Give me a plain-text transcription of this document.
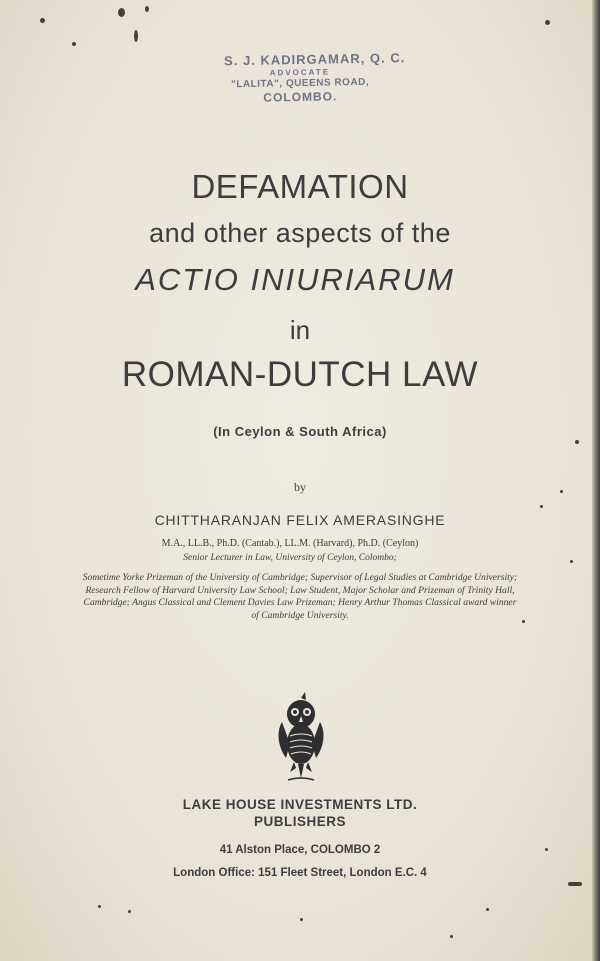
S. J. KADIRGAMAR, Q. C.
ADVOCATE
"LALITA", QUEENS ROAD,
COLOMBO.
DEFAMATION
and other aspects of the
ACTIO INIURIARUM
in
ROMAN-DUTCH LAW
(In Ceylon & South Africa)
by
CHITTHARANJAN FELIX AMERASINGHE
M.A., LL.B., Ph.D. (Cantab.), LL.M. (Harvard), Ph.D. (Ceylon)
Senior Lecturer in Law, University of Ceylon, Colombo;
Sometime Yorke Prizeman of the University of Cambridge; Supervisor of Legal Studies at Cambridge University; Research Fellow of Harvard University Law School; Law Student, Major Scholar and Prizeman of Trinity Hall, Cambridge; Angus Classical and Clement Davies Law Prizeman; Henry Arthur Thomas Classical award winner of Cambridge University.
LAKE HOUSE INVESTMENTS LTD.
PUBLISHERS
41 Alston Place, COLOMBO 2
London Office: 151 Fleet Street, London E.C. 4
